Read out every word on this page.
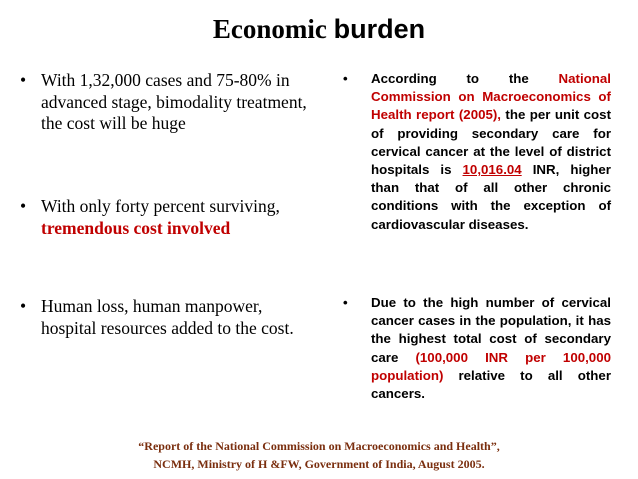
Economic burden
• With 1,32,000 cases and 75-80% in advanced stage, bimodality treatment, the cost will be huge
• With only forty percent surviving, tremendous cost involved
• Human loss, human manpower, hospital resources added to the cost.
•	According to the National Commission on Macroeconomics of Health report (2005), the per unit cost of providing secondary care for cervical cancer at the level of district hospitals is 10,016.04 INR, higher than that of all other chronic conditions with the exception of cardiovascular diseases.
•	Due to the high number of cervical cancer cases in the population, it has the highest total cost of secondary care (100,000 INR per 100,000 population) relative to all other cancers.
“Report of the National Commission on Macroeconomics and Health”,
NCMH, Ministry of H &FW, Government of India, August 2005.
